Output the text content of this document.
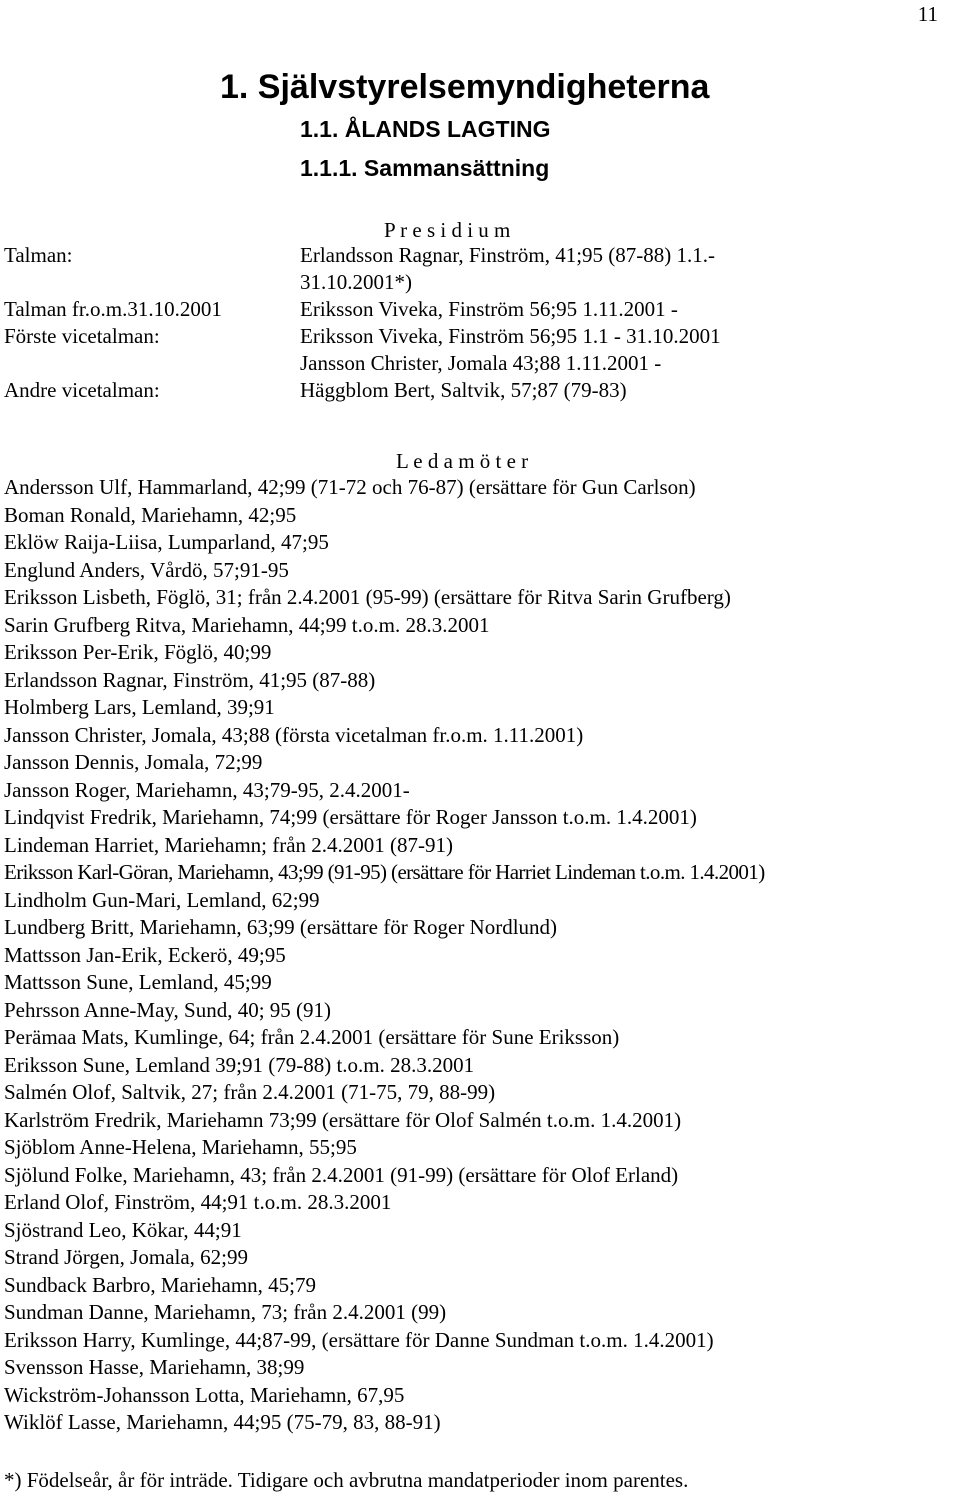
11
1. Självstyrelsemyndigheterna
1.1. ÅLANDS LAGTING
1.1.1. Sammansättning
P r e s i d i u m
Talman:	Erlandsson Ragnar, Finström, 41;95 (87-88) 1.1.-
31.10.2001*)
Talman fr.o.m.31.10.2001	Eriksson Viveka, Finström 56;95 1.11.2001 -
Förste vicetalman:	Eriksson Viveka, Finström 56;95 1.1 - 31.10.2001
Jansson Christer, Jomala 43;88 1.11.2001 -
Andre vicetalman:	Häggblom Bert, Saltvik, 57;87 (79-83)
L e d a m ö t e r
Andersson Ulf, Hammarland, 42;99 (71-72 och 76-87) (ersättare för Gun Carlson)
Boman Ronald, Mariehamn, 42;95
Eklöw Raija-Liisa, Lumparland, 47;95
Englund Anders, Vårdö, 57;91-95
Eriksson Lisbeth, Föglö, 31; från 2.4.2001 (95-99) (ersättare för Ritva Sarin Grufberg)
Sarin Grufberg Ritva, Mariehamn, 44;99 t.o.m. 28.3.2001
Eriksson Per-Erik, Föglö, 40;99
Erlandsson Ragnar, Finström, 41;95 (87-88)
Holmberg Lars, Lemland, 39;91
Jansson Christer, Jomala, 43;88 (första vicetalman fr.o.m. 1.11.2001)
Jansson Dennis, Jomala, 72;99
Jansson Roger, Mariehamn, 43;79-95, 2.4.2001-
Lindqvist Fredrik, Mariehamn, 74;99 (ersättare för Roger Jansson t.o.m. 1.4.2001)
Lindeman Harriet, Mariehamn; från 2.4.2001 (87-91)
Eriksson Karl-Göran, Mariehamn, 43;99 (91-95) (ersättare för Harriet Lindeman t.o.m. 1.4.2001)
Lindholm Gun-Mari, Lemland, 62;99
Lundberg Britt, Mariehamn, 63;99 (ersättare för Roger Nordlund)
Mattsson Jan-Erik, Eckerö, 49;95
Mattsson Sune, Lemland, 45;99
Pehrsson Anne-May, Sund, 40; 95 (91)
Perämaa Mats, Kumlinge, 64; från 2.4.2001 (ersättare för Sune Eriksson)
Eriksson Sune, Lemland 39;91 (79-88) t.o.m. 28.3.2001
Salmén Olof, Saltvik, 27; från 2.4.2001 (71-75, 79, 88-99)
Karlström Fredrik, Mariehamn 73;99 (ersättare för Olof Salmén t.o.m. 1.4.2001)
Sjöblom Anne-Helena, Mariehamn, 55;95
Sjölund Folke, Mariehamn, 43; från 2.4.2001 (91-99) (ersättare för Olof Erland)
Erland Olof, Finström, 44;91 t.o.m. 28.3.2001
Sjöstrand Leo, Kökar, 44;91
Strand Jörgen, Jomala, 62;99
Sundback Barbro, Mariehamn, 45;79
Sundman Danne, Mariehamn, 73; från 2.4.2001 (99)
Eriksson Harry, Kumlinge, 44;87-99, (ersättare för Danne Sundman t.o.m. 1.4.2001)
Svensson Hasse, Mariehamn, 38;99
Wickström-Johansson Lotta, Mariehamn, 67,95
Wiklöf Lasse, Mariehamn, 44;95 (75-79, 83, 88-91)
*) Födelseår, år för inträde. Tidigare och avbrutna mandatperioder inom parentes.
